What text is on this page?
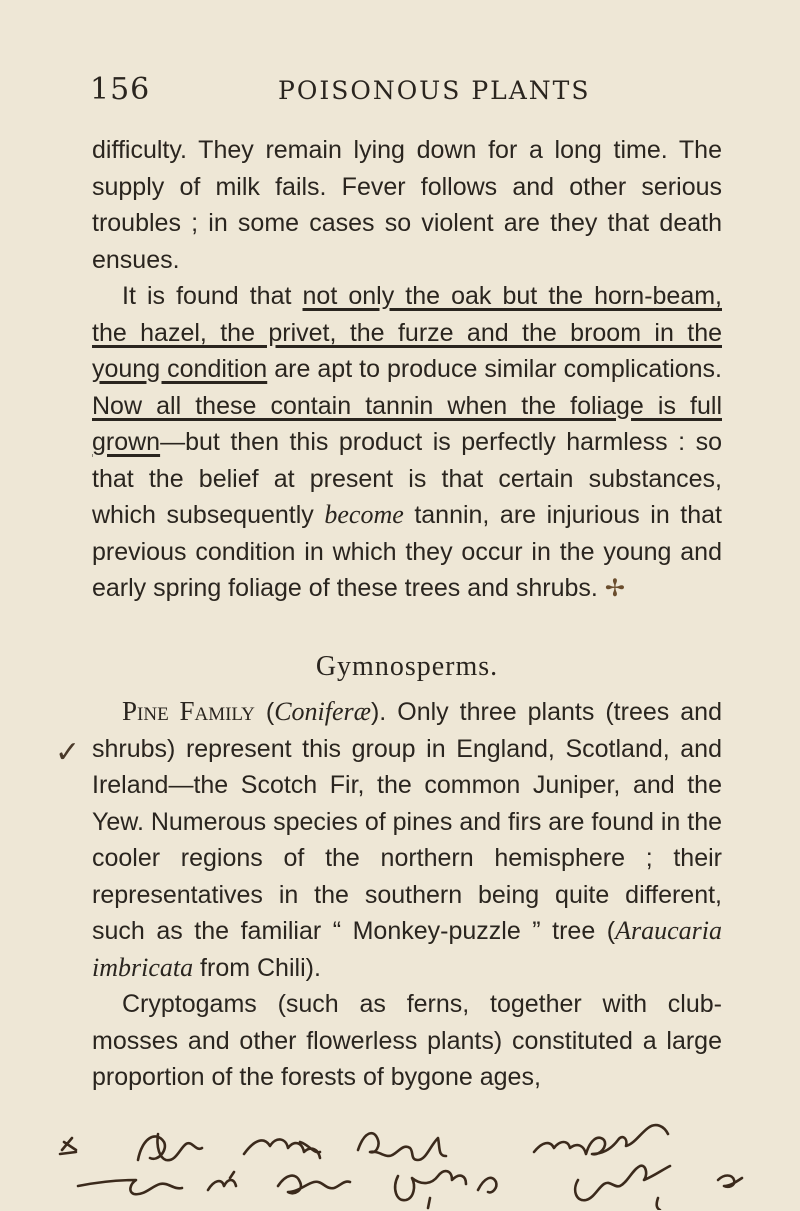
156	POISONOUS PLANTS

difficulty. They remain lying down for a long time. The supply of milk fails. Fever follows and other serious troubles ; in some cases so violent are they that death ensues.

It is found that not only the oak but the horn-beam, the hazel, the privet, the furze and the broom in the young condition are apt to produce similar complications. Now all these contain tannin when the foliage is full grown—but then this product is perfectly harmless : so that the belief at present is that certain substances, which subsequently become tannin, are injurious in that previous condition in which they occur in the young and early spring foliage of these trees and shrubs. ✢

Gymnosperms.

Pine Family (Coniferæ). Only three plants (trees and shrubs) represent this group in England, Scotland, and Ireland—the Scotch Fir, the common Juniper, and the Yew. Numerous species of pines and firs are found in the cooler regions of the northern hemisphere ; their representatives in the southern being quite different, such as the familiar “ Monkey-puzzle ” tree (Araucaria imbricata from Chili).

Cryptogams (such as ferns, together with club-mosses and other flowerless plants) constituted a large proportion of the forests of bygone ages,

✓
